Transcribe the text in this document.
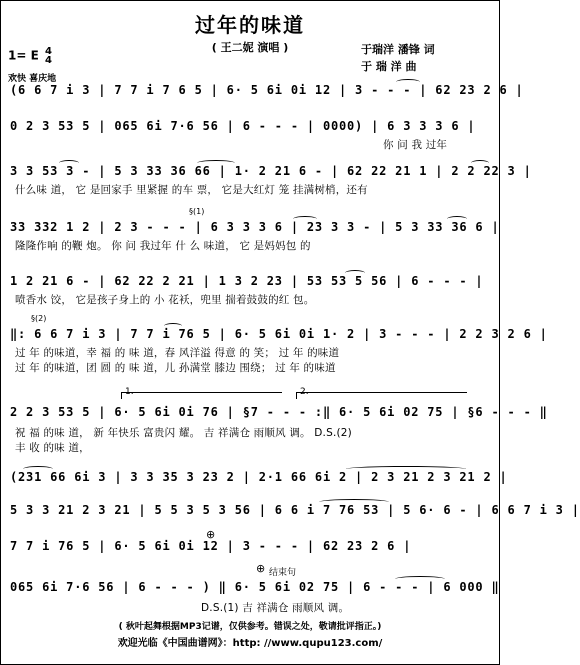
过年的味道
( 王二妮 演唱 )	于瑞洋 潘锋 词
于 瑞 洋 曲
1= E 4
4
欢快 喜庆地
(6 6 7 i 3 | 7 7 i 7 6 5 | 6· 5 6i 0i 12 | 3 - - - | 62 23 2 6 |
0 2 3 53 5 | 065 6i 7·6 56 | 6 - - - | 0000) | 6 3 3 3 6 |
你 问 我 过年
3 3 53 3 - | 5 3 33 36 66 | 1· 2 21 6 - | 62 22 21 1 | 2 2 22 3 |
什么味 道， 它 是回家手 里紧握 的车 票， 它是大红灯 笼 挂满树梢，还有
§(1)
33 332 1 2 | 2 3 - - - | 6 3 3 3 6 | 23 3 3 - | 5 3 33 36 6 |
隆隆作响 的鞭 炮。 你 问 我过年 什 么 味道， 它 是妈妈包 的
1 2 21 6 - | 62 22 2 21 | 1 3 2 23 | 53 53 5 56 | 6 - - - |
喷香水 饺， 它是孩子身上的 小 花袄，兜里 揣着鼓鼓的红 包。
§(2)
‖: 6 6 7 i 3 | 7 7 i 76 5 | 6· 5 6i 0i 1· 2 | 3 - - - | 2 2 3 2 6 |
过 年 的味道，幸 福 的 味 道，春 风洋溢 得意 的 笑； 过 年 的味道
过 年 的味道，团 圆 的 味 道，儿 孙满堂 膝边 围绕； 过 年 的味道
1.	2.
2 2 3 53 5 | 6· 5 6i 0i 76 | §7 - - - :‖ 6· 5 6i 02 75 | §6 - - - ‖
祝 福 的味 道， 新 年快乐 富贵闪 耀。 吉 祥满仓 雨顺风 调。 D.S.(2)
丰 收 的味 道，
(231 66 6i 3 | 3 3 35 3 23 2 | 2·1 66 6i 2 | 2 3 21 2 3 21 2 |
5 3 3 21 2 3 21 | 5 5 3 5 3 56 | 6 6 i 7 76 53 | 5 6· 6 - | 6 6 7 i 3 |
⊕
7 7 i 76 5 | 6· 5 6i 0i 12 | 3 - - - | 62 23 2 6 |
结束句
⊕
065 6i 7·6 56 | 6 - - - ) ‖ 6· 5 6i 02 75 | 6 - - - | 6 000 ‖
D.S.(1) 吉 祥满仓 雨顺风 调。
( 秋叶起舞根据MP3记谱，仅供参考。错误之处，敬请批评指正。)
欢迎光临《中国曲谱网》：http: //www.qupu123.com/
